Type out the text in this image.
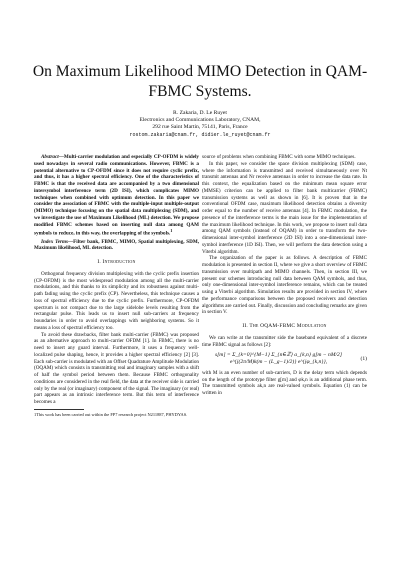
On Maximum Likelihood MIMO Detection in QAM-FBMC Systems.
R. Zakaria, D. Le Ruyet
Electronics and Communications Laboratory, CNAM,
292 rue Saint Martin, 75141, Paris, France
rostom.zakaria@cnam.fr, didier.le_ruyet@cnam.fr

Abstract—Multi-carrier modulation and especially CP-OFDM is widely used nowadays in several radio communications. However, FBMC is a potential alternative to CP-OFDM since it does not require cyclic prefix, and thus, it has a higher spectral efficiency. One of the characteristics of FBMC is that the received data are accompanied by a two dimensional intersymbol interference term (2D ISI), which complicates MIMO techniques when combined with optimum detection. In this paper we consider the association of FBMC with the multiple-input multiple-output (MIMO) technique focusing on the spatial data multiplexing (SDM), and we investigate the use of Maximum Likelihood (ML) detection. We propose modified FBMC schemes based on inserting null data among QAM symbols to reduce, in this way, the overlapping of the symbols.$^1$

Index Terms—Filter bank, FBMC, MIMO, Spatial multiplexing, SDM, Maximum likelihood, ML detection.

I. Introduction

Orthogonal frequency division multiplexing with the cyclic prefix insertion (CP-OFDM) is the most widespread modulation among all the multi-carrier modulations, and this thanks to its simplicity and its robustness against multi-path fading using the cyclic prefix (CP). Nevertheless, this technique causes a loss of spectral efficiency due to the cyclic prefix. Furthermore, CP-OFDM spectrum is not compact due to the large sidelobe levels resulting from the rectangular pulse. This leads us to insert null sub-carriers at frequency boundaries in order to avoid overlappings with neighboring systems. So it means a loss of spectral efficiency too.

To avoid these drawbacks, filter bank multi-carrier (FBMC) was proposed as an alternative approach to multi-carrier OFDM [1]. In FBMC, there is no need to insert any guard interval. Furthermore, it uses a frequency well-localized pulse shaping, hence, it provides a higher spectral efficiency [2] [3]. Each sub-carrier is modulated with an Offset Quadrature Amplitude Modulation (OQAM) which consists in transmitting real and imaginary samples with a shift of half the symbol period between them. Because FBMC orthogonality conditions are considered in the real field, the data at the receiver side is carried only by the real (or imaginary) component of the signal. The imaginary (or real) part appears as an intrinsic interference term. But this term of interference becomes a

1This work has been carried out within the FP7 research project N211887, PHYDYAS.

source of problems when combining FBMC with some MIMO techniques.

In this paper, we consider the space division multiplexing (SDM) case, where the information is transmitted and received simultaneously over Nt transmit antennas and Nr receive antennas in order to increase the data rate. In this context, the equalization based on the minimum mean square error (MMSE) criterion can be applied to filter bank multicarrier (FBMC) transmission systems as well as shown in [6]. It is proven that in the conventional OFDM case, maximum likelihood detection obtains a diversity order equal to the number of receive antennas [4]. In FBMC modulation, the presence of the interference terms is the main issue for the implementation of the maximum likelihood technique. In this work, we propose to insert null data among QAM symbols (instead of OQAM) in order to transform the two-dimensional inter-symbol interference (2D ISI) into a one-dimensional inter-symbol interference (1D ISI). Then, we will perform the data detection using a Viterbi algorithm.

The organization of the paper is as follows. A description of FBMC modulation is presented in section II, where we give a short overview of FBMC transmission over multipath and MIMO channels. Then, in section III, we present our schemes introducing null data between QAM symbols, and thus, only one-dimensional inter-symbol interference remains, which can be treated using a Viterbi algorithm. Simulation results are provided in section IV, where the performance comparisons between the proposed receivers and detection algorithms are carried out. Finally, discussion and concluding remarks are given in section V.

II. The OQAM-FBMC Modulation

We can write at the transmitter side the baseband equivalent of a discrete time FBMC signal as follows [2]:

s[m] = Σ_{k=0}^{M−1} Σ_{n∈ℤ} a_{k,n} g[m − nM/2] e^{j(2π/M)k(m − (L_g−1)/2)} e^{jφ_{k,n}},
(1)

with M is an even number of sub-carriers, D is the delay term which depends on the length of the prototype filter g[m] and φk,n is an additional phase term. The transmitted symbols ak,n are real-valued symbols. Equation (1) can be written in
